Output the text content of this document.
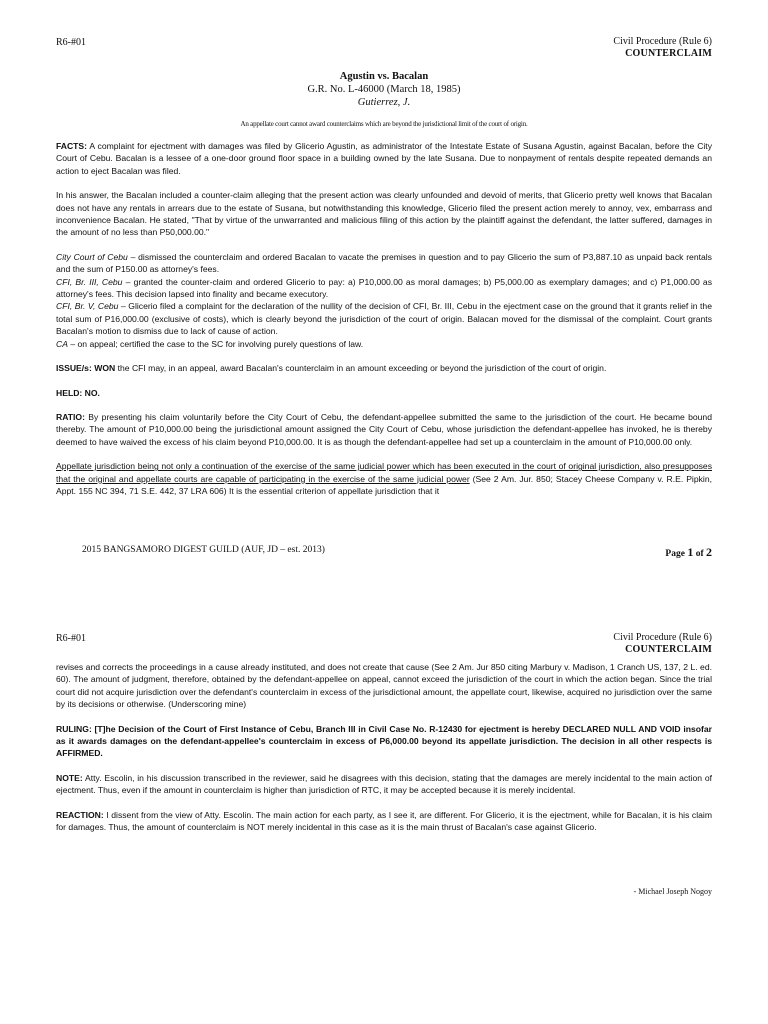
R6-#01	Civil Procedure (Rule 6)
COUNTERCLAIM
Agustin vs. Bacalan
G.R. No. L-46000 (March 18, 1985)
Gutierrez, J.
An appellate court cannot award counterclaims which are beyond the jurisdictional limit of the court of origin.

FACTS: A complaint for ejectment with damages was filed by Glicerio Agustin, as administrator of the Intestate Estate of Susana Agustin, against Bacalan, before the City Court of Cebu. Bacalan is a lessee of a one-door ground floor space in a building owned by the late Susana. Due to nonpayment of rentals despite repeated demands an action to eject Bacalan was filed.

In his answer, the Bacalan included a counter-claim alleging that the present action was clearly unfounded and devoid of merits, that Glicerio pretty well knows that Bacalan does not have any rentals in arrears due to the estate of Susana, but notwithstanding this knowledge, Glicerio filed the present action merely to annoy, vex, embarrass and inconvenience Bacalan. He stated, "That by virtue of the unwarranted and malicious filing of this action by the plaintiff against the defendant, the latter suffered, damages in the amount of no less than P50,000.00."

City Court of Cebu – dismissed the counterclaim and ordered Bacalan to vacate the premises in question and to pay Glicerio the sum of P3,887.10 as unpaid back rentals and the sum of P150.00 as attorney's fees.

CFI, Br. III, Cebu – granted the counter-claim and ordered Glicerio to pay: a) P10,000.00 as moral damages; b) P5,000.00 as exemplary damages; and c) P1,000.00 as attorney's fees. This decision lapsed into finality and became executory.

CFI, Br. V, Cebu – Glicerio filed a complaint for the declaration of the nullity of the decision of CFI, Br. III, Cebu in the ejectment case on the ground that it grants relief in the total sum of P16,000.00 (exclusive of costs), which is clearly beyond the jurisdiction of the court of origin. Balacan moved for the dismissal of the complaint. Court grants Bacalan's motion to dismiss due to lack of cause of action.

CA – on appeal; certified the case to the SC for involving purely questions of law.

ISSUE/s: WON the CFI may, in an appeal, award Bacalan's counterclaim in an amount exceeding or beyond the jurisdiction of the court of origin.

HELD: NO.

RATIO: By presenting his claim voluntarily before the City Court of Cebu, the defendant-appellee submitted the same to the jurisdiction of the court. He became bound thereby. The amount of P10,000.00 being the jurisdictional amount assigned the City Court of Cebu, whose jurisdiction the defendant-appellee has invoked, he is thereby deemed to have waived the excess of his claim beyond P10,000.00. It is as though the defendant-appellee had set up a counterclaim in the amount of P10,000.00 only.

Appellate jurisdiction being not only a continuation of the exercise of the same judicial power which has been executed in the court of original jurisdiction, also presupposes that the original and appellate courts are capable of participating in the exercise of the same judicial power (See 2 Am. Jur. 850; Stacey Cheese Company v. R.E. Pipkin, Appt. 155 NC 394, 71 S.E. 442, 37 LRA 606) It is the essential criterion of appellate jurisdiction that it

2015 BANGSAMORO DIGEST GUILD (AUF, JD – est. 2013)	Page 1 of 2
R6-#01	Civil Procedure (Rule 6)
COUNTERCLAIM

revises and corrects the proceedings in a cause already instituted, and does not create that cause (See 2 Am. Jur 850 citing Marbury v. Madison, 1 Cranch US, 137, 2 L. ed. 60). The amount of judgment, therefore, obtained by the defendant-appellee on appeal, cannot exceed the jurisdiction of the court in which the action began. Since the trial court did not acquire jurisdiction over the defendant's counterclaim in excess of the jurisdictional amount, the appellate court, likewise, acquired no jurisdiction over the same by its decisions or otherwise. (Underscoring mine)

RULING: [T]he Decision of the Court of First Instance of Cebu, Branch III in Civil Case No. R-12430 for ejectment is hereby DECLARED NULL AND VOID insofar as it awards damages on the defendant-appellee's counterclaim in excess of P6,000.00 beyond its appellate jurisdiction. The decision in all other respects is AFFIRMED.

NOTE: Atty. Escolin, in his discussion transcribed in the reviewer, said he disagrees with this decision, stating that the damages are merely incidental to the main action of ejectment. Thus, even if the amount in counterclaim is higher than jurisdiction of RTC, it may be accepted because it is merely incidental.

REACTION: I dissent from the view of Atty. Escolin. The main action for each party, as I see it, are different. For Glicerio, it is the ejectment, while for Bacalan, it is his claim for damages. Thus, the amount of counterclaim is NOT merely incidental in this case as it is the main thrust of Bacalan's case against Glicerio.

- Michael Joseph Nogoy
